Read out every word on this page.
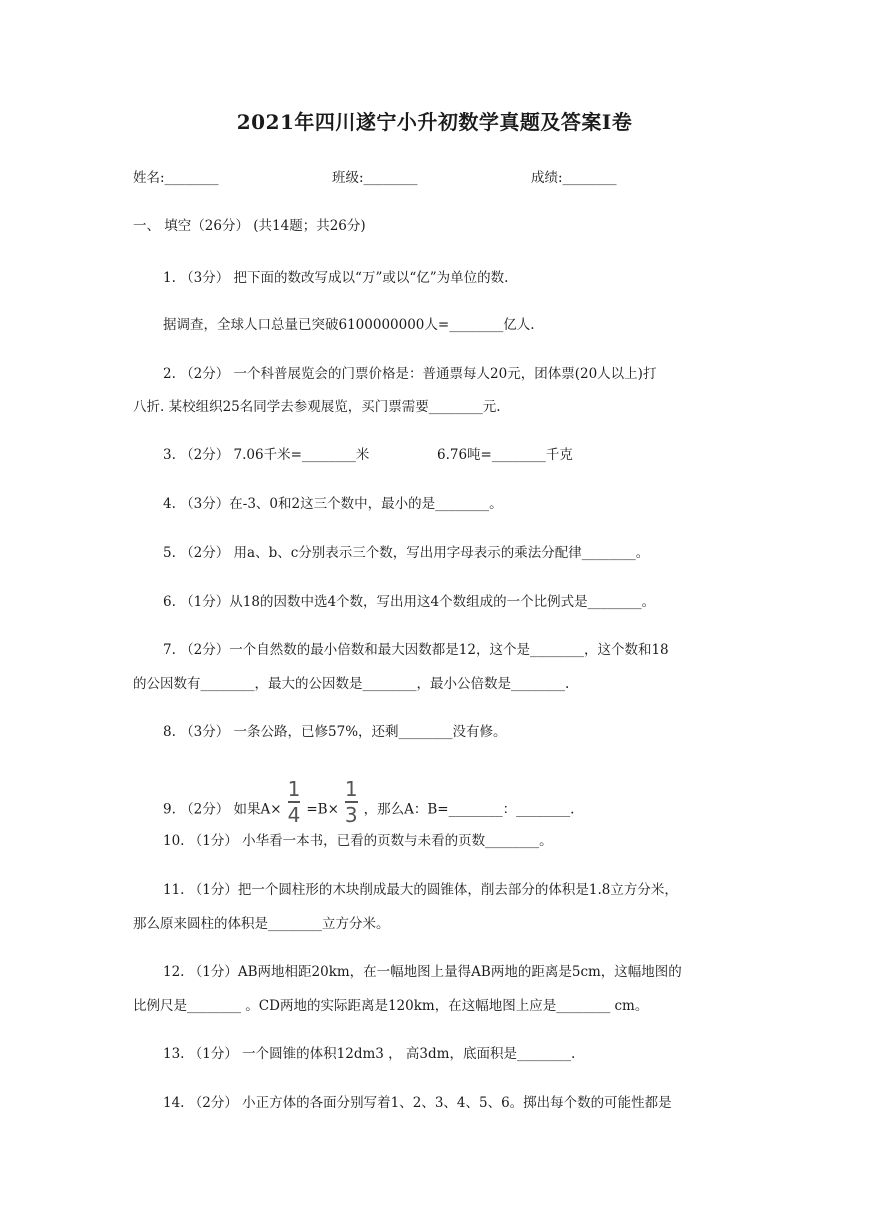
2021年四川遂宁小升初数学真题及答案Ⅰ卷
姓名:________	班级:________	成绩:________
一、 填空（26分） (共14题；共26分)
1. （3分） 把下面的数改写成以“万”或以“亿”为单位的数.
据调查，全球人口总量已突破6100000000人=________亿人.
2. （2分） 一个科普展览会的门票价格是：普通票每人20元，团体票(20人以上)打
八折. 某校组织25名同学去参观展览，买门票需要________元.
3. （2分） 7.06千米=________米	6.76吨=________千克
4. （3分）在-3、0和2这三个数中，最小的是________。
5. （2分） 用a、b、c分别表示三个数，写出用字母表示的乘法分配律________。
6. （1分）从18的因数中选4个数，写出用这4个数组成的一个比例式是________。
7. （2分）一个自然数的最小倍数和最大因数都是12，这个是________，这个数和18
的公因数有________，最大的公因数是________，最小公倍数是________.
8. （3分） 一条公路，已修57%，还剩________没有修。
9. （2分） 如果$A\times \frac{1}{4} =B\times \frac{1}{3}$ ，那么A：B=________：________.
10. （1分） 小华看一本书，已看的页数与未看的页数________。
11. （1分）把一个圆柱形的木块削成最大的圆锥体，削去部分的体积是1.8立方分米，
那么原来圆柱的体积是________立方分米。
12. （1分）AB两地相距20km，在一幅地图上量得AB两地的距离是5cm，这幅地图的
比例尺是________ 。CD两地的实际距离是120km，在这幅地图上应是________ cm。
13. （1分） 一个圆锥的体积12dm3 ， 高3dm，底面积是________.
14. （2分） 小正方体的各面分别写着1、2、3、4、5、6。掷出每个数的可能性都是
